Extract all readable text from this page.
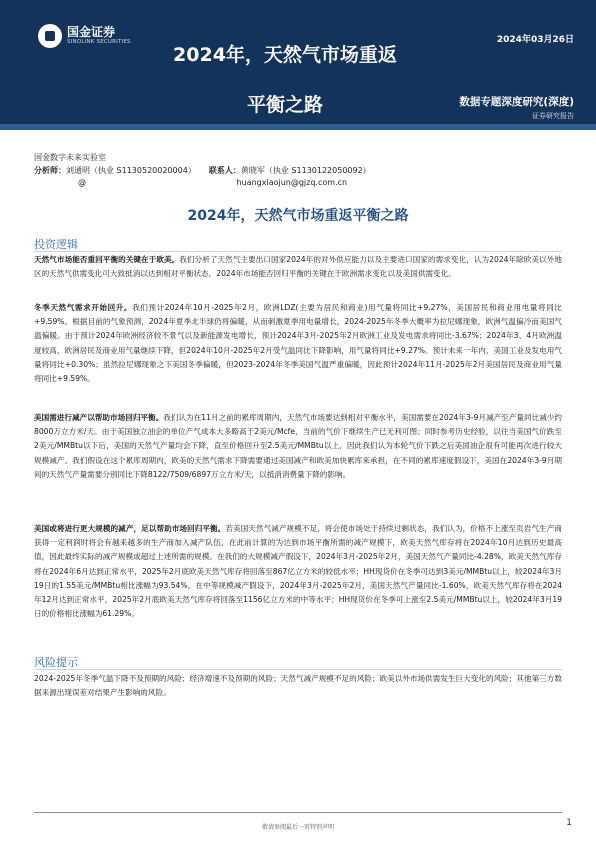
国金证券
SINOLINK SECURITIES	2024年03月26日
2024年，天然气市场重返
平衡之路	数据专题深度研究(深度)
证券研究报告
国金数字未来实验室
分析师：刘通明（执业 S1130520020004） 联系人：黄晓军（执业 S1130122050092）
@	huangxiaojun@gjzq.com.cn
2024年，天然气市场重返平衡之路
投资逻辑
天然气市场能否重回平衡的关键在于欧美。我们分析了天然气主要出口国家2024年的对外供应能力以及主要进口国家的需求变化，认为2024年除欧美以外地区的天然气供需变化可大致抵消以达到相对平衡状态，2024年市场能否回归平衡的关键在于欧洲需求变化以及美国供需变化。
冬季天然气需求开始回升。我们预计2024年10月-2025年2月，欧洲LDZ(主要为居民和商业)用气量将同比+9.27%，美国居民和商业用电量将同比+9.59%。根据目前的气象预测，2024年夏季北半球仍将偏暖，从而刺激夏季用电量增长，2024-2025年冬季大概率为拉尼娜现象，欧洲气温偏冷而美国气温偏暖。由于预计2024年欧洲经济较不景气以及新能源发电增长，预计2024年3月-2025年2月欧洲工业及发电需求将同比-3.67%；2024年3、4月欧洲温度较高，欧洲居民及商业用气量继续下降，但2024年10月-2025年2月受气温同比下降影响，用气量将同比+9.27%。预计未来一年内，美国工业及发电用气量将同比+0.30%；虽然拉尼娜现象之下美国冬季偏暖，但2023-2024年冬季美国气温严重偏暖，因此预计2024年11月-2025年2月美国居民及商业用气量将同比+9.59%。
美国需进行减产以帮助市场回归平衡。我们认为在11月之前的累库周期内，天然气市场要达到相对平衡水平，美国需要在2024年3-9月减产至产量同比减少约8000万立方米/天。由于美国独立油企的单位产气成本大多略高于2美元/Mcfe，当前的气价下继续生产已无利可图；同时参考历史经验，以往当美国气价跌至2美元/MMBtu以下后，美国的天然气产量均会下降，直至价格回升至2.5美元/MMBtu以上，因此我们认为本轮气价下跌之后美国油企很有可能再次进行较大规模减产。我们假设在这个累库周期内，欧美的天然气需求下降需要通过美国减产和欧美加快累库来承担，在不同的累库速度假设下，美国在2024年3-9月期间的天然气产量需要分别同比下降8122/7509/6897万立方米/天，以抵消消费量下降的影响。
美国或将进行更大规模的减产，足以帮助市场回归平衡。若美国天然气减产规模不足，将会使市场处于持续过剩状态，我们认为，价格不上涨至页岩气生产商获得一定利润时将会有越来越多的生产商加入减产队伍，在此前计算的为达到市场平衡所需的减产规模下，欧美天然气库存将在2024年10月达到历史最高值，因此最终实际的减产规模或超过上述所需的规模。在我们的大规模减产假设下，2024年3月-2025年2月，美国天然气产量同比-4.28%，欧美天然气库存将在2024年6月达到正常水平，2025年2月底欧美天然气库存将回落至867亿立方米的较低水平；HH现货价在冬季可达到3美元/MMBtu以上，较2024年3月19日的1.55美元/MMBtu相比涨幅为93.54%。在中等规模减产假设下，2024年3月-2025年2月，美国天然气产量同比-1.60%，欧美天然气库存将在2024年12月达到正常水平，2025年2月底欧美天然气库存将回落至1156亿立方米的中等水平；HH现货价在冬季可上涨至2.5美元/MMBtu以上，较2024年3月19日的价格相比涨幅为61.29%。
风险提示
2024-2025年冬季气温下降不及预期的风险；经济增速不及预期的风险；天然气减产规模不足的风险；欧美以外市场供需发生巨大变化的风险；其他第三方数据来源出现误差对结果产生影响的风险。
敬请参阅最后一页特别声明	1
